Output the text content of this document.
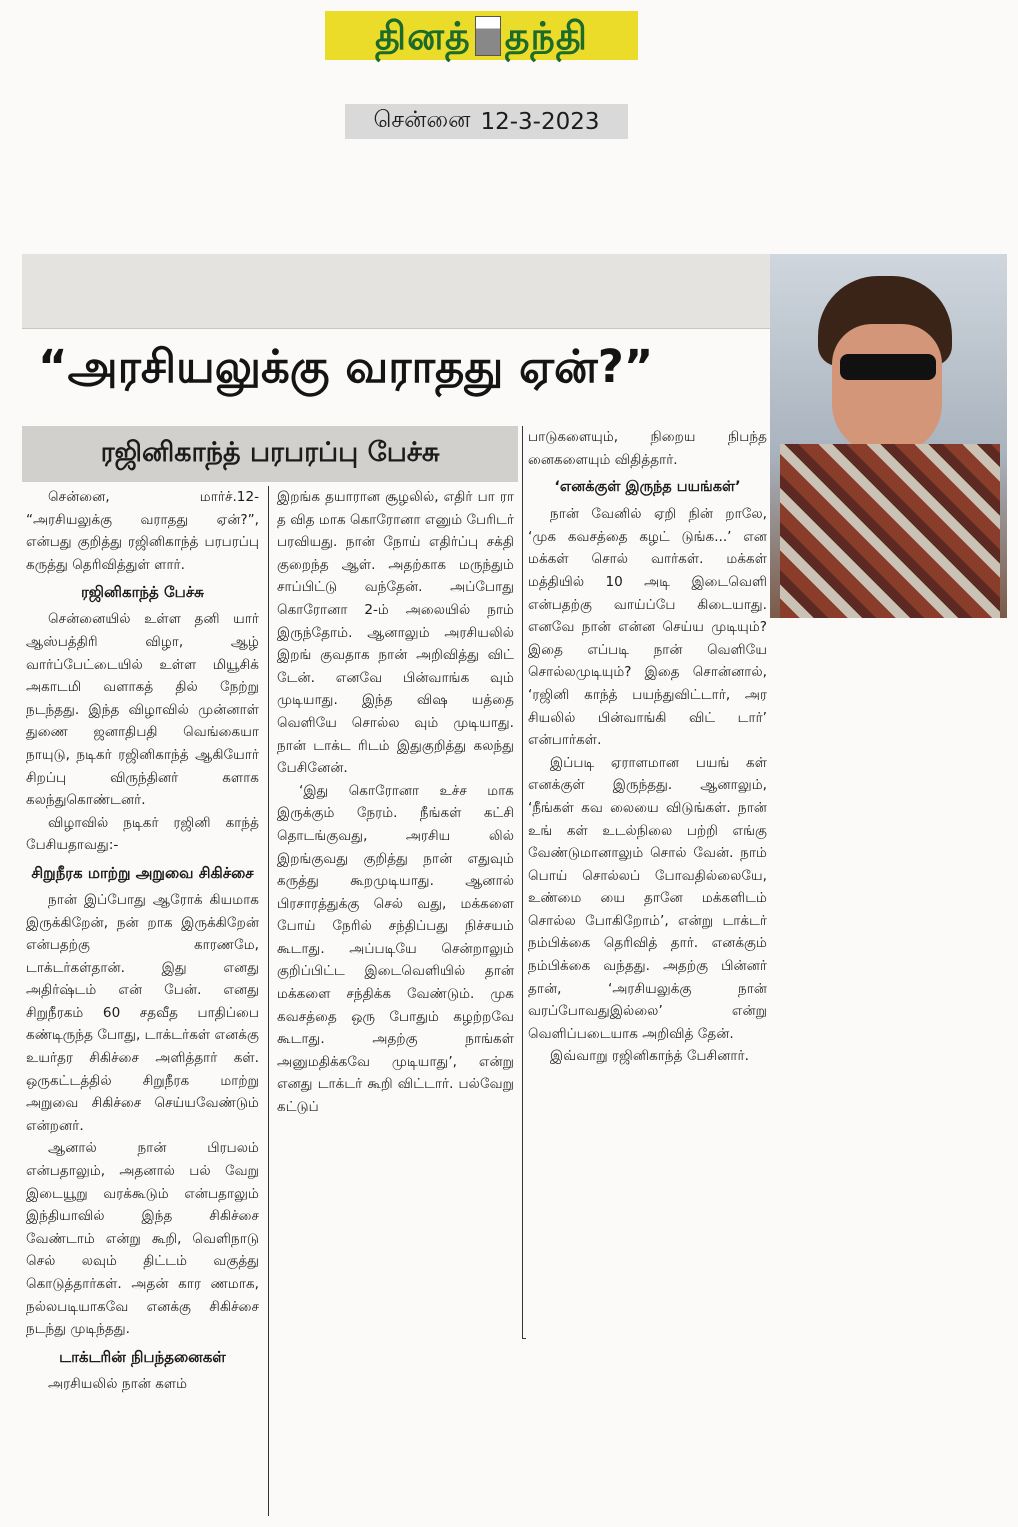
தினத் தந்தி
சென்னை 12-3-2023
“அரசியலுக்கு வராதது ஏன்?”
ரஜினிகாந்த் பரபரப்பு பேச்சு

சென்னை, மார்ச்.12- “அரசியலுக்கு வராதது ஏன்?”, என்பது குறித்து ரஜினிகாந்த் பரபரப்பு கருத்து தெரிவித்துள் ளார்.

ரஜினிகாந்த் பேச்சு

சென்னையில் உள்ள தனி யார் ஆஸ்பத்திரி விழா, ஆழ் வார்ப்பேட்டையில் உள்ள மியூசிக் அகாடமி வளாகத் தில் நேற்று நடந்தது. இந்த விழாவில் முன்னாள் துணை ஜனாதிபதி வெங்கையா நாயுடு, நடிகர் ரஜினிகாந்த் ஆகியோர் சிறப்பு விருந்தினர் களாக கலந்துகொண்டனர்.

விழாவில் நடிகர் ரஜினி காந்த் பேசியதாவது:-

சிறுநீரக மாற்று அறுவை சிகிச்சை

நான் இப்போது ஆரோக் கியமாக இருக்கிறேன், நன் றாக இருக்கிறேன் என்பதற்கு காரணமே, டாக்டர்கள்தான். இது எனது அதிர்ஷ்டம் என் பேன். எனது சிறுநீரகம் 60 சதவீத பாதிப்பை கண்டிருந்த போது, டாக்டர்கள் எனக்கு உயர்தர சிகிச்சை அளித்தார் கள். ஒருகட்டத்தில் சிறுநீரக மாற்று அறுவை சிகிச்சை செய்யவேண்டும் என்றனர்.

ஆனால் நான் பிரபலம் என்பதாலும், அதனால் பல் வேறு இடையூறு வரக்கூடும் என்பதாலும் இந்தியாவில் இந்த சிகிச்சை வேண்டாம் என்று கூறி, வெளிநாடு செல் லவும் திட்டம் வகுத்து கொடுத்தார்கள். அதன் கார ணமாக, நல்லபடியாகவே எனக்கு சிகிச்சை நடந்து முடிந்தது.

டாக்டரின் நிபந்தனைகள்

அரசியலில் நான் களம்

இறங்க தயாரான சூழலில், எதிர் பா ரா த வித மாக கொரோனா எனும் பேரிடர் பரவியது. நான் நோய் எதிர்ப்பு சக்தி குறைந்த ஆள். அதற்காக மருந்தும் சாப்பிட்டு வந்தேன். அப்போது கொரோனா 2-ம் அலையில் நாம் இருந்தோம். ஆனாலும் அரசியலில் இறங் குவதாக நான் அறிவித்து விட் டேன். எனவே பின்வாங்க வும் முடியாது. இந்த விஷ யத்தை வெளியே சொல்ல வும் முடியாது. நான் டாக்ட ரிடம் இதுகுறித்து கலந்து பேசினேன்.

‘இது கொரோனா உச்ச மாக இருக்கும் நேரம். நீங்கள் கட்சி தொடங்குவது, அரசிய லில் இறங்குவது குறித்து நான் எதுவும் கருத்து கூறமுடியாது. ஆனால் பிரசாரத்துக்கு செல் வது, மக்களை போய் நேரில் சந்திப்பது நிச்சயம் கூடாது. அப்படியே சென்றாலும் குறிப்பிட்ட இடைவெளியில் தான் மக்களை சந்திக்க வேண்டும். முக கவசத்தை ஒரு போதும் கழற்றவே கூடாது. அதற்கு நாங்கள் அனுமதிக்கவே முடியாது’, என்று எனது டாக்டர் கூறி விட்டார். பல்வேறு கட்டுப்

பாடுகளையும், நிறைய நிபந்த னைகளையும் விதித்தார்.

‘எனக்குள் இருந்த பயங்கள்’

நான் வேனில் ஏறி நின் றாலே, ‘முக கவசத்தை கழட் டுங்க...’ என மக்கள் சொல் வார்கள். மக்கள் மத்தியில் 10 அடி இடைவெளி என்பதற்கு வாய்ப்பே கிடையாது. எனவே நான் என்ன செய்ய முடியும்? இதை எப்படி நான் வெளியே சொல்லமுடியும்? இதை சொன்னால், ‘ரஜினி காந்த் பயந்துவிட்டார், அர சியலில் பின்வாங்கி விட் டார்’ என்பார்கள்.

இப்படி ஏராளமான பயங் கள் எனக்குள் இருந்தது. ஆனாலும், ‘நீங்கள் கவ லையை விடுங்கள். நான் உங் கள் உடல்நிலை பற்றி எங்கு வேண்டுமானாலும் சொல் வேன். நாம் பொய் சொல்லப் போவதில்லையே, உண்மை யை தானே மக்களிடம் சொல்ல போகிறோம்’, என்று டாக்டர் நம்பிக்கை தெரிவித் தார். எனக்கும் நம்பிக்கை வந்தது. அதற்கு பின்னர் தான், ‘அரசியலுக்கு நான் வரப்போவதுஇல்லை’ என்று வெளிப்படையாக அறிவித் தேன்.

இவ்வாறு ரஜினிகாந்த் பேசினார்.
